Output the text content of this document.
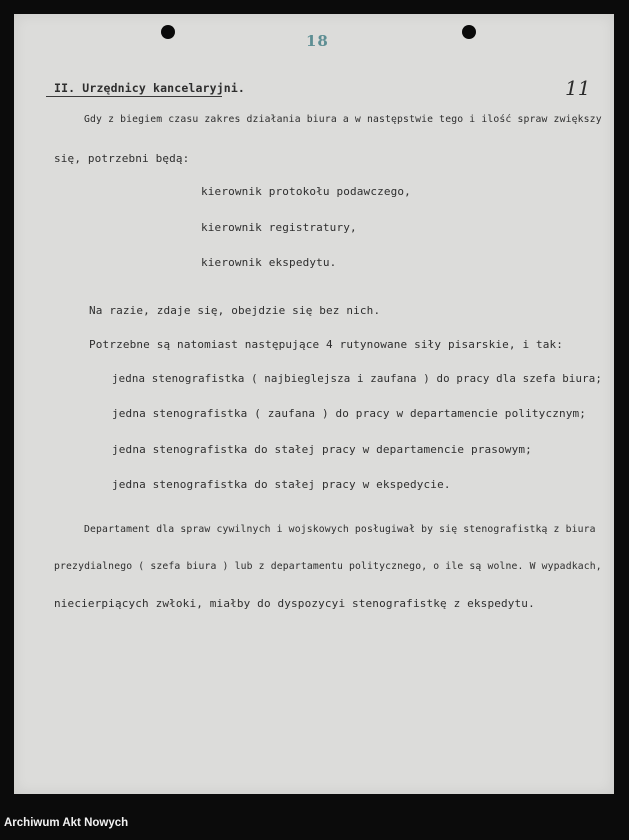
18
11
II. Urzędnicy kancelaryjni.
Gdy z biegiem czasu zakres działania biura a w następstwie tego i ilość spraw zwiększy
się, potrzebni będą:
kierownik protokołu podawczego,
kierownik registratury,
kierownik ekspedytu.
Na razie, zdaje się, obejdzie się bez nich.
Potrzebne są natomiast następujące 4 rutynowane siły pisarskie, i tak:
jedna stenografistka ( najbieglejsza i zaufana ) do pracy dla szefa biura;
jedna stenografistka ( zaufana ) do pracy w departamencie politycznym;
jedna stenografistka do stałej pracy w departamencie prasowym;
jedna stenografistka do stałej pracy w ekspedycie.
Departament dla spraw cywilnych i wojskowych posługiwał by się stenografistką z biura
prezydialnego ( szefa biura ) lub z departamentu politycznego, o ile są wolne. W wypadkach,
niecierpiących zwłoki, miałby do dyspozycyi stenografistkę z ekspedytu.
Archiwum Akt Nowych
